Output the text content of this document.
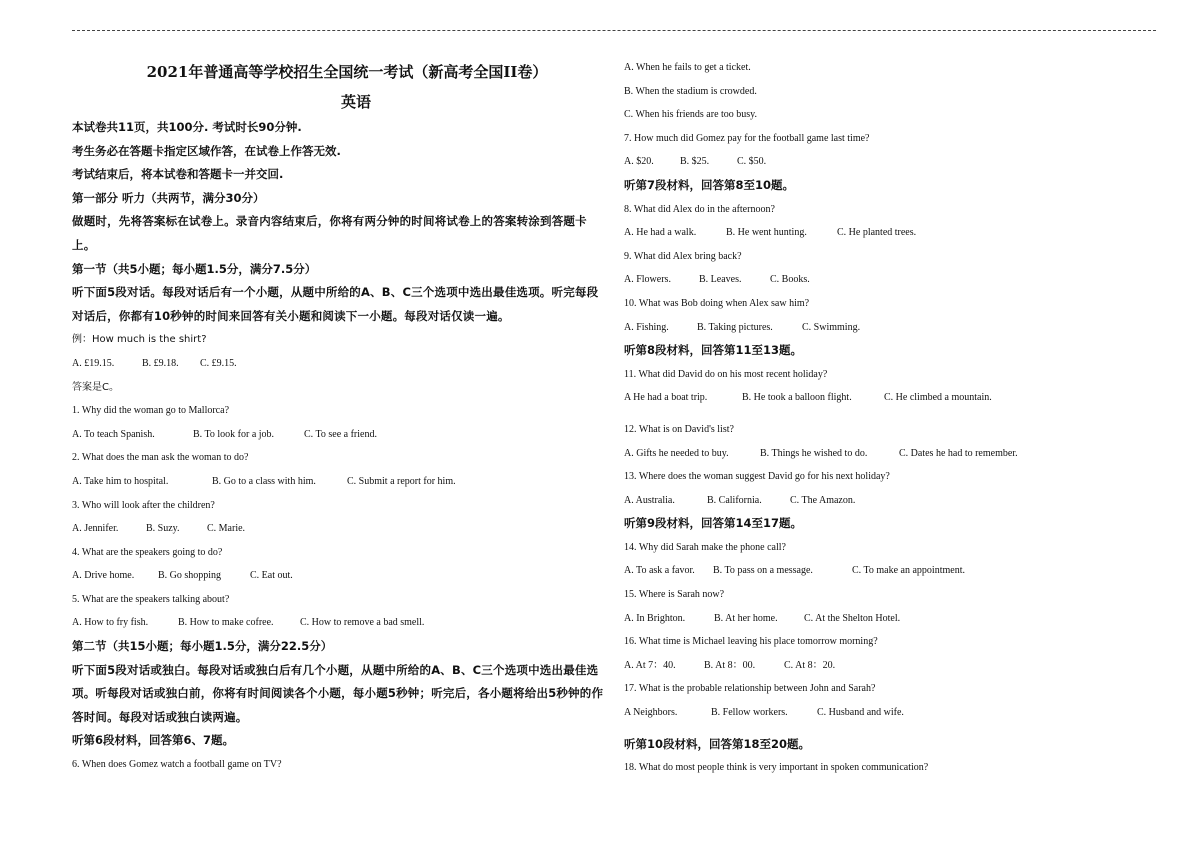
2021年普通高等学校招生全国统一考试（新高考全国II卷）
英语
本试卷共11页，共100分. 考试时长90分钟.
考生务必在答题卡指定区域作答，在试卷上作答无效.
考试结束后，将本试卷和答题卡一并交回.
第一部分 听力（共两节，满分30分）
做题时，先将答案标在试卷上。录音内容结束后，你将有两分钟的时间将试卷上的答案转涂到答题卡上。
第一节（共5小题；每小题1.5分，满分7.5分）
听下面5段对话。每段对话后有一个小题，从题中所给的A、B、C三个选项中选出最佳选项。听完每段对话后，你都有10秒钟的时间来回答有关小题和阅读下一小题。每段对话仅读一遍。
例：How much is the shirt?
A. £19.15.	B. £9.18. C. £9.15.
答案是C。
1. Why did the woman go to Mallorca?
A. To teach Spanish.	B. To look for a job.	C. To see a friend.
2. What does the man ask the woman to do?
A. Take him to hospital.	B. Go to a class with him.	C. Submit a report for him.
3. Who will look after the children?
A. Jennifer.	B. Suzy.	C. Marie.
4. What are the speakers going to do?
A. Drive home. B. Go shopping	C. Eat out.
5. What are the speakers talking about?
A. How to fry fish.	B. How to make cofree.	C. How to remove a bad smell.
第二节（共15小题；每小题1.5分，满分22.5分）
听下面5段对话或独白。每段对话或独白后有几个小题，从题中所给的A、B、C三个选项中选出最佳选项。听每段对话或独白前，你将有时间阅读各个小题，每小题5秒钟；听完后，各小题将给出5秒钟的作答时间。每段对话或独白读两遍。
听第6段材料，回答第6、7题。
6. When does Gomez watch a football game on TV?
A. When he fails to get a ticket.
B. When the stadium is crowded.
C. When his friends are too busy.
7. How much did Gomez pay for the football game last time?
A. $20.	B. $25.	C. $50.
听第7段材料，回答第8至10题。
8. What did Alex do in the afternoon?
A. He had a walk.	B. He went hunting.	C. He planted trees.
9. What did Alex bring back?
A. Flowers.	B. Leaves.	C. Books.
10. What was Bob doing when Alex saw him?
A. Fishing.	B. Taking pictures.	C. Swimming.
听第8段材料，回答第11至13题。
11. What did David do on his most recent holiday?
A He had a boat trip.	B. He took a balloon flight.	C. He climbed a mountain.
12. What is on David's list?
A. Gifts he needed to buy.	B. Things he wished to do.	C. Dates he had to remember.
13. Where does the woman suggest David go for his next holiday?
A. Australia.	B. California.	C. The Amazon.
听第9段材料，回答第14至17题。
14. Why did Sarah make the phone call?
A. To ask a favor. B. To pass on a message.	C. To make an appointment.
15. Where is Sarah now?
A. In Brighton.	B. At her home.	C. At the Shelton Hotel.
16. What time is Michael leaving his place tomorrow morning?
A. At 7：40.	B. At 8：00.	C. At 8：20.
17. What is the probable relationship between John and Sarah?
A Neighbors.	B. Fellow workers.	C. Husband and wife.
听第10段材料，回答第18至20题。
18. What do most people think is very important in spoken communication?
